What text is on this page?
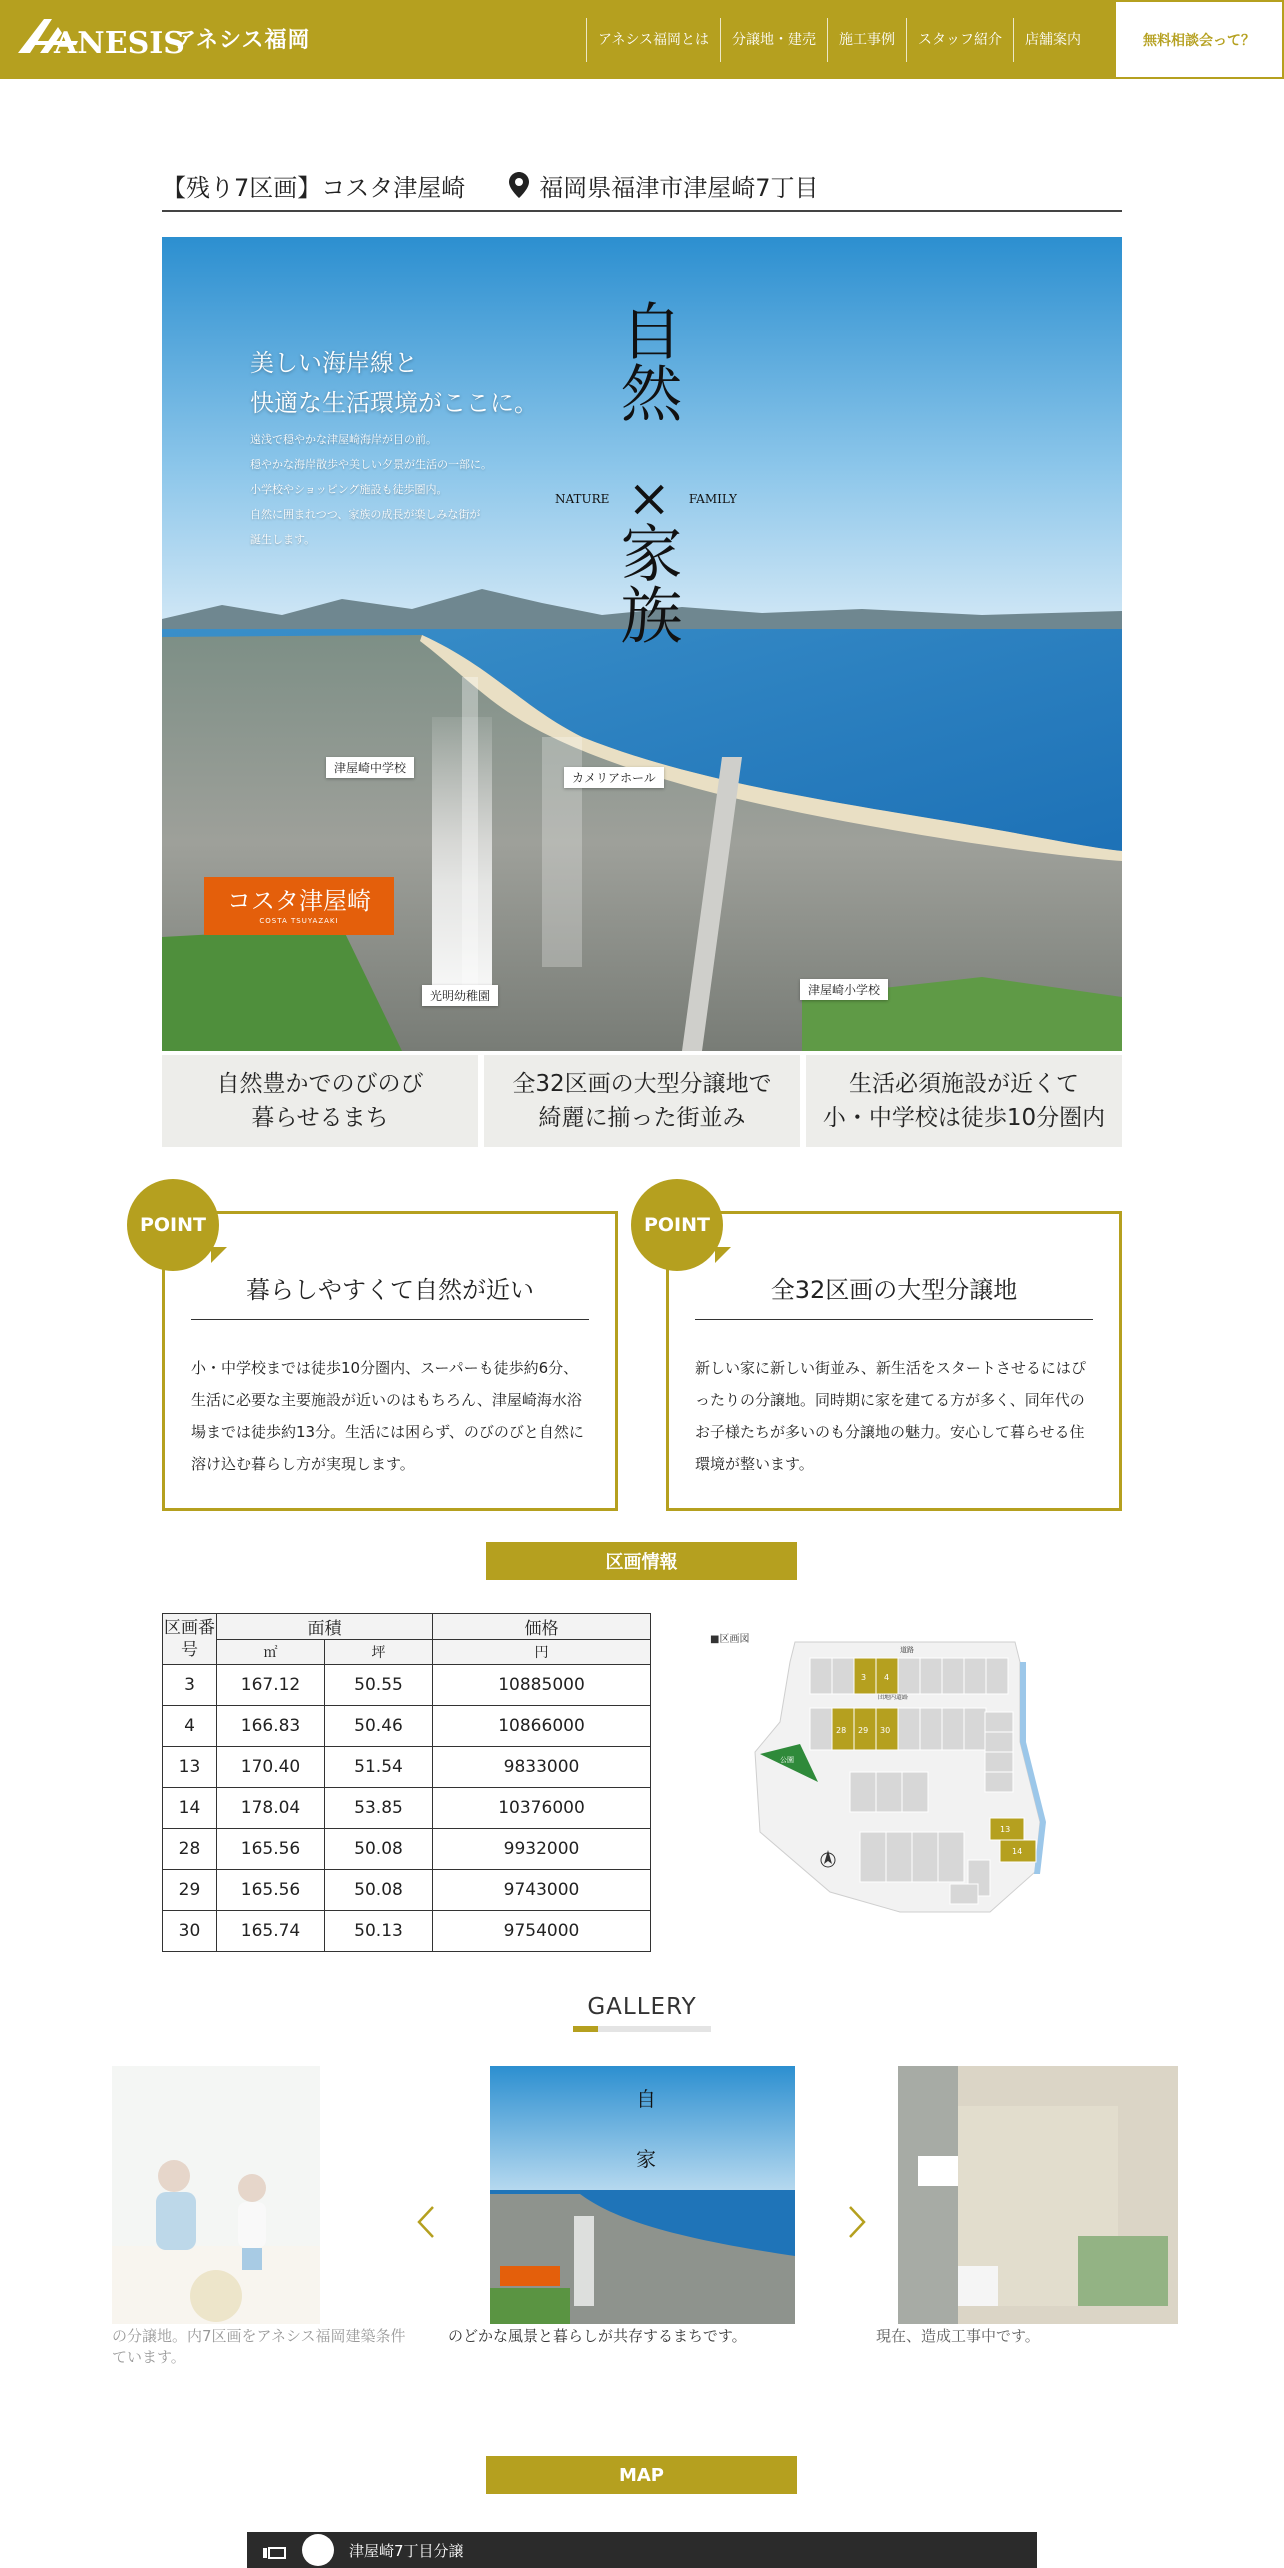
ANESIS
アネシス福岡	アネシス福岡とは	分譲地・建売	施工事例	スタッフ紹介	店舗案内	無料相談会って？
【残り7区画】コスタ津屋崎	福岡県福津市津屋崎7丁目
美しい海岸線と
快適な生活環境がここに。
遠浅で穏やかな津屋崎海岸が目の前。
穏やかな海岸散歩や美しい夕景が生活の一部に。
小学校やショッピング施設も徒歩圏内。
自然に囲まれつつ、家族の成長が楽しみな街が
誕生します。
自然
NATURE × FAMILY
家族
津屋崎中学校
カメリアホール
光明幼稚園	津屋崎小学校
コスタ津屋崎
COSTA TSUYAZAKI
自然豊かでのびのび
暮らせるまち
全32区画の大型分譲地で
綺麗に揃った街並み
生活必須施設が近くて
小・中学校は徒歩10分圏内
POINT
暮らしやすくて自然が近い
小・中学校までは徒歩10分圏内、スーパーも徒歩約6分、生活に必要な主要施設が近いのはもちろん、津屋崎海水浴場までは徒歩約13分。生活には困らず、のびのびと自然に溶け込む暮らし方が実現します。
POINT
全32区画の大型分譲地
新しい家に新しい街並み、新生活をスタートさせるにはぴったりの分譲地。同時期に家を建てる方が多く、同年代のお子様たちが多いのも分譲地の魅力。安心して暮らせる住環境が整います。
区画情報
区画番号	面積		価格
	㎡	坪	円
3	167.12	50.55	10885000
4	166.83	50.46	10866000
13	170.40	51.54	9833000
14	178.04	53.85	10376000
28	165.56	50.08	9932000
29	165.56	50.08	9743000
30	165.74	50.13	9754000
■区画図
道路
団地内道路
3 4
28 29 30
13
14
公園
GALLERY
自
家
の分譲地。内7区画をアネシス福岡建築条件
ています。
のどかな風景と暮らしが共存するまちです。	現在、造成工事中です。
MAP
津屋崎7丁目分譲
